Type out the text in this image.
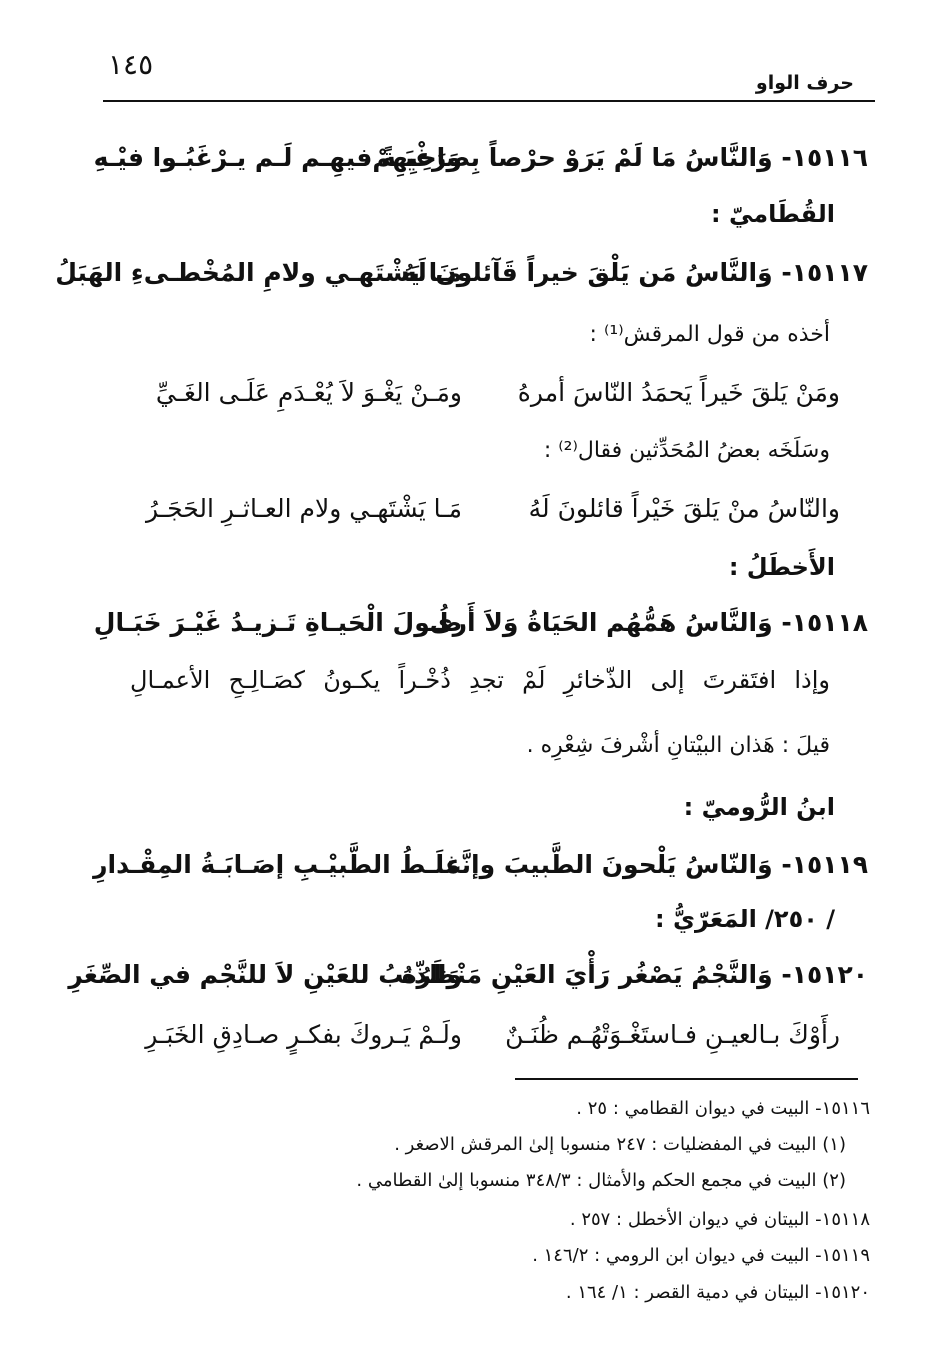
١٤٥
حرف الواو
١٥١١٦- وَالنَّاسُ مَا لَمْ يَرَوْ حرْصاً بِصاحِبِهِمْ
وَرَغْبَـةً فيهِـم لَـم يـرْغَبُـوا فيْـهِ
القُطَاميّ :
١٥١١٧- وَالنَّاسُ مَن يَلْقَ خيراً قَآئلونَ لَهُ
مَـا يَشْتَهـي ولامِ المُخْطـىءِ الهَبَلُ
أخذه من قول المرقش⁽¹⁾ :
ومَنْ يَلقَ خَيراً يَحمَدُ النّاسَ أمرهُ
ومَـنْ يَغْـوَ لاَ يُعْـدَمِ عَلَـى الغَـيِّ
وسَلَخَه بعضُ المُحَدِّثين فقال⁽²⁾ :
والنّاسُ منْ يَلقَ خَيْراً قائلونَ لَهُ
مَـا يَشْتَهـي ولام العـاثـرِ الحَجَـرُ
الأَخطَلُ :
١٥١١٨- وَالنَّاسُ هَمُّهُم الحَيَاةُ وَلاَ أَرى
طُـولَ الْحَيـاةِ تَـزيـدُ غَيْـرَ خَبَـالِ
وإذا افتَقرتَ إلى الذّخائرِ لَمْ تجدِ ذُخْـراً يكـونُ كصَـالِـحِ الأعمـالِ
قيلَ : هَذان البيْتانِ أشْرفَ شِعْرِه .
ابنُ الرُّوميّ :
١٥١١٩- وَالنّاسُ يَلْحونَ الطَّبيبَ وإنَّمَا
غلَـطُ الطَّبيْـبِ إصَـابَـةُ المِقْـدارِ
/ ٢٥٠/ المَعَرّيُّ :
١٥١٢٠- وَالنَّجْمُ يَصْغُر رَأْيَ العَيْنِ مَنْظَرُهُ
وَالذّنبُ للعَيْنِ لاَ للنَّجْم في الصِّغَرِ
رأَوْكَ بـالعيـنِ فـاستَغْـوَتْهُـم ظُنَـنٌ
ولَـمْ يَـروكَ بفكـرٍ صـادِقِ الخَبَـرِ
١٥١١٦- البيت في ديوان القطامي : ٢٥ .
(١) البيت في المفضليات : ٢٤٧ منسوبا إلىٰ المرقش الاصغر .
(٢) البيت في مجمع الحكم والأمثال : ٣٤٨/٣ منسوبا إلىٰ القطامي .
١٥١١٨- البيتان في ديوان الأخطل : ٢٥٧ .
١٥١١٩- البيت في ديوان ابن الرومي : ١٤٦/٢ .
١٥١٢٠- البيتان في دمية القصر : ١/ ١٦٤ .
